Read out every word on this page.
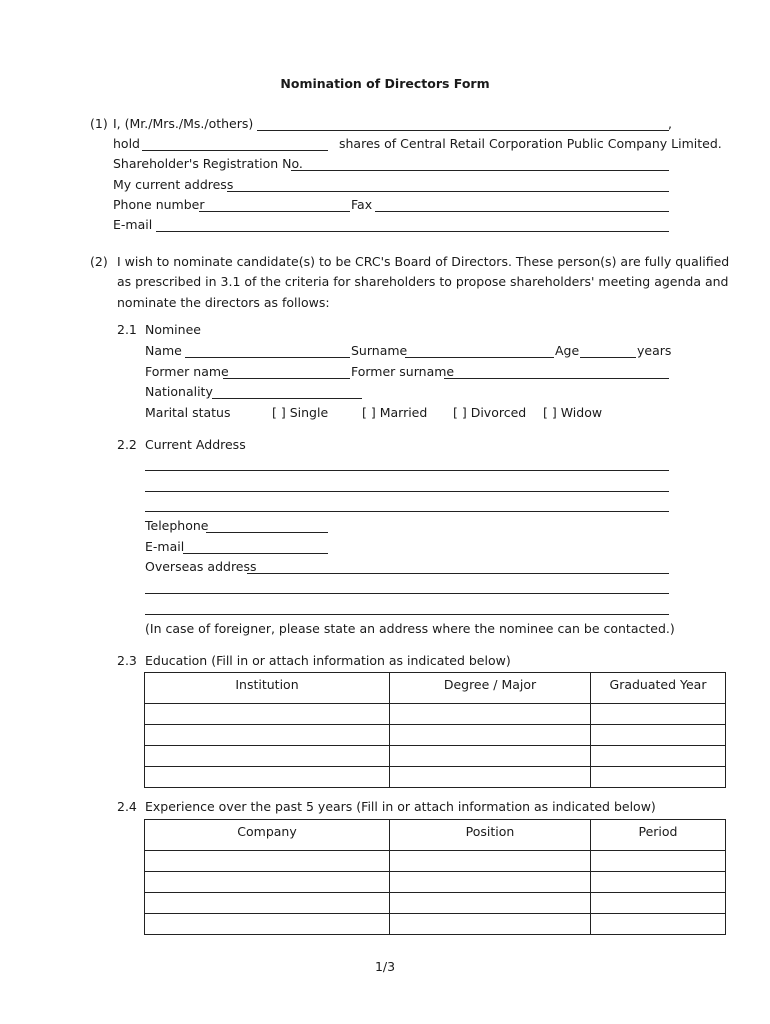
Nomination of Directors Form
(1) I, (Mr./Mrs./Ms./others)	,
hold	shares of Central Retail Corporation Public Company Limited.
Shareholder's Registration No.
My current address
Phone number	Fax
E-mail
(2) I wish to nominate candidate(s) to be CRC's Board of Directors. These person(s) are fully qualified
as prescribed in 3.1 of the criteria for shareholders to propose shareholders' meeting agenda and
nominate the directors as follows:
2.1 Nominee
Name	Surname	Age	years
Former name	Former surname
Nationality
Marital status	[ ] Single	[ ] Married [ ] Divorced [ ] Widow
2.2 Current Address
Telephone
E-mail
Overseas address
(In case of foreigner, please state an address where the nominee can be contacted.)
2.3 Education (Fill in or attach information as indicated below)
Institution	Degree / Major	Graduated Year

2.4 Experience over the past 5 years (Fill in or attach information as indicated below)
Company	Position	Period

1/3
